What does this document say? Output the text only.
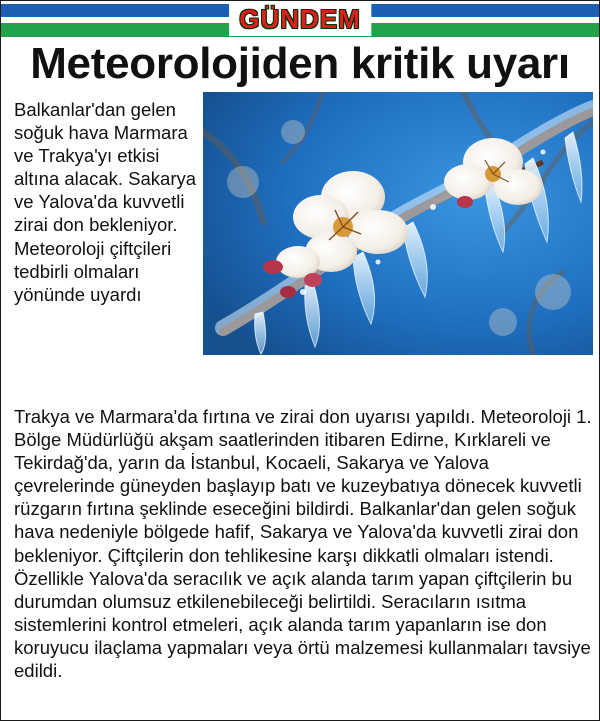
GÜNDEM
Meteorolojiden kritik uyarı
Balkanlar'dan gelen soğuk hava Marmara ve Trakya'yı etkisi altına alacak. Sakarya ve Yalova'da kuvvetli zirai don bekleniyor. Meteoroloji çiftçileri tedbirli olmaları yönünde uyardı
Trakya ve Marmara'da fırtına ve zirai don uyarısı yapıldı. Meteoroloji 1. Bölge Müdürlüğü akşam saatlerinden itibaren Edirne, Kırklareli ve Tekirdağ'da, yarın da İstanbul, Kocaeli, Sakarya ve Yalova çevrelerinde güneyden başlayıp batı ve kuzeybatıya dönecek kuvvetli rüzgarın fırtına şeklinde eseceğini bildirdi. Balkanlar'dan gelen soğuk hava nedeniyle bölgede hafif, Sakarya ve Yalova'da kuvvetli zirai don bekleniyor. Çiftçilerin don tehlikesine karşı dikkatli olmaları istendi. Özellikle Yalova'da seracılık ve açık alanda tarım yapan çiftçilerin bu durumdan olumsuz etkilenebileceği belirtildi. Seracıların ısıtma sistemlerini kontrol etmeleri, açık alanda tarım yapanların ise don koruyucu ilaçlama yapmaları veya örtü malzemesi kullanmaları tavsiye edildi.
